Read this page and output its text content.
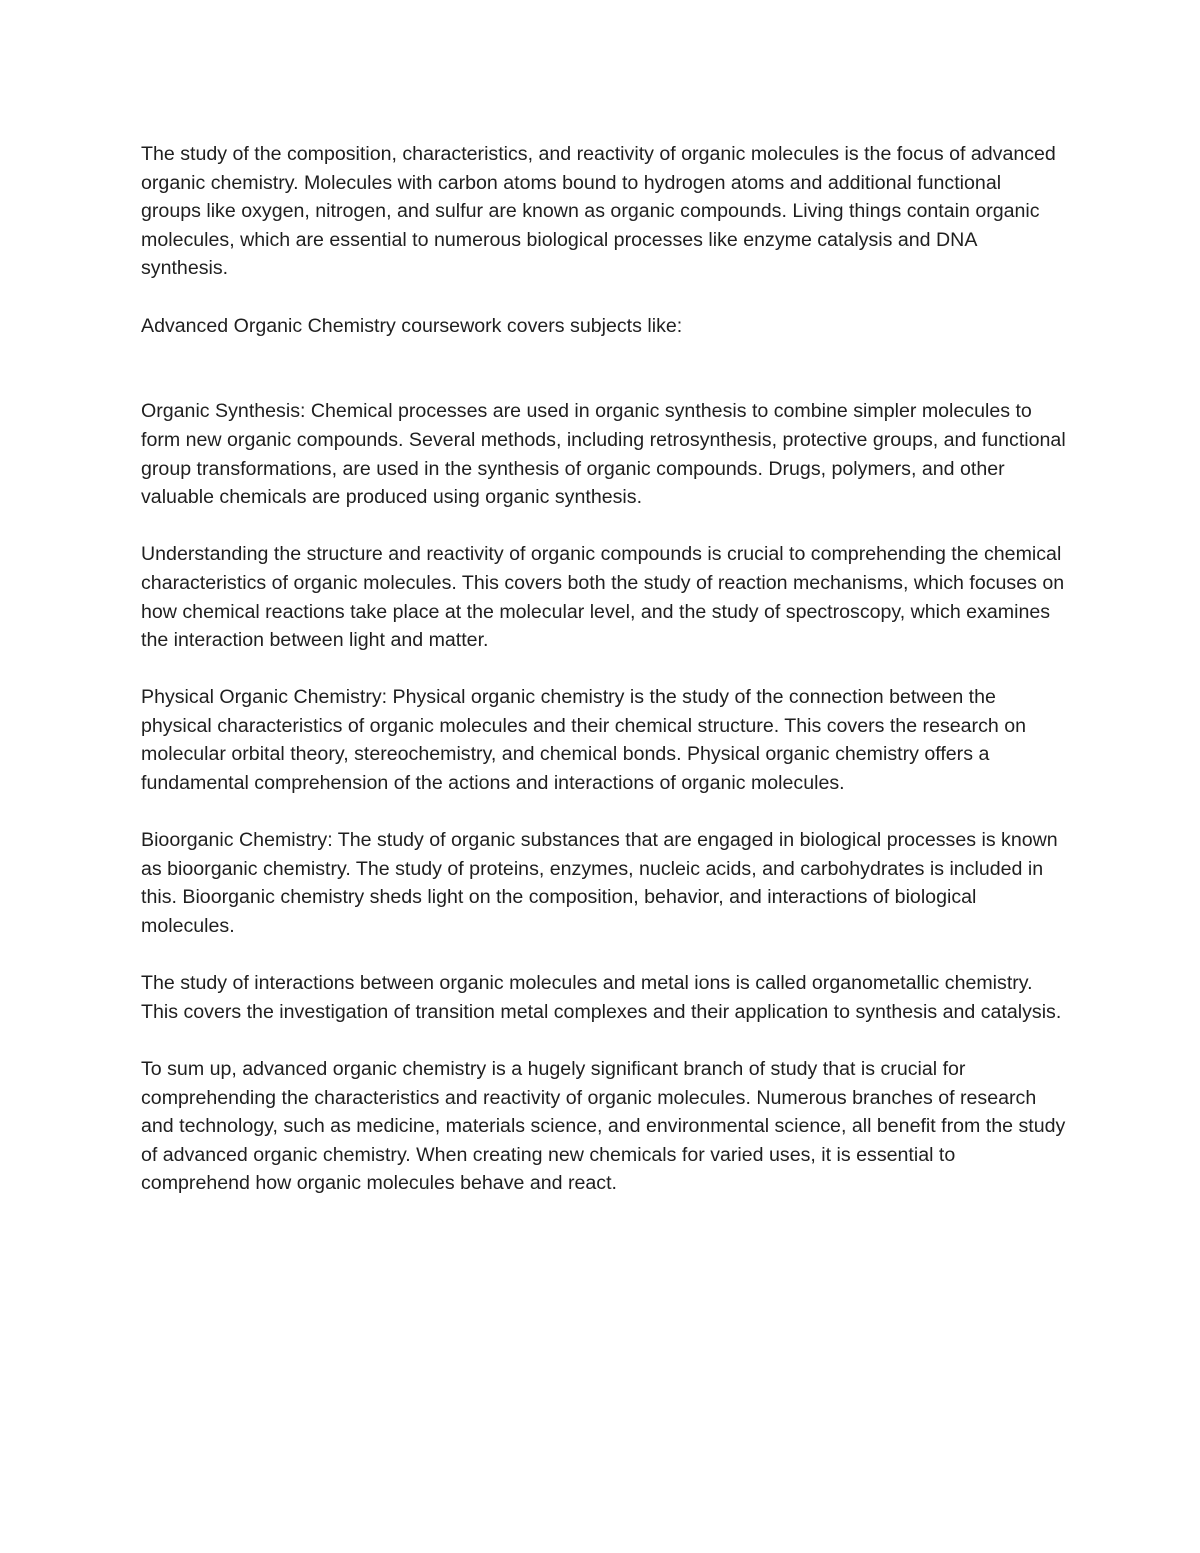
The study of the composition, characteristics, and reactivity of organic molecules is the focus of advanced organic chemistry. Molecules with carbon atoms bound to hydrogen atoms and additional functional groups like oxygen, nitrogen, and sulfur are known as organic compounds. Living things contain organic molecules, which are essential to numerous biological processes like enzyme catalysis and DNA synthesis.

Advanced Organic Chemistry coursework covers subjects like:

Organic Synthesis: Chemical processes are used in organic synthesis to combine simpler molecules to form new organic compounds. Several methods, including retrosynthesis, protective groups, and functional group transformations, are used in the synthesis of organic compounds. Drugs, polymers, and other valuable chemicals are produced using organic synthesis.

Understanding the structure and reactivity of organic compounds is crucial to comprehending the chemical characteristics of organic molecules. This covers both the study of reaction mechanisms, which focuses on how chemical reactions take place at the molecular level, and the study of spectroscopy, which examines the interaction between light and matter.

Physical Organic Chemistry: Physical organic chemistry is the study of the connection between the physical characteristics of organic molecules and their chemical structure. This covers the research on molecular orbital theory, stereochemistry, and chemical bonds. Physical organic chemistry offers a fundamental comprehension of the actions and interactions of organic molecules.

Bioorganic Chemistry: The study of organic substances that are engaged in biological processes is known as bioorganic chemistry. The study of proteins, enzymes, nucleic acids, and carbohydrates is included in this. Bioorganic chemistry sheds light on the composition, behavior, and interactions of biological molecules.

The study of interactions between organic molecules and metal ions is called organometallic chemistry. This covers the investigation of transition metal complexes and their application to synthesis and catalysis.

To sum up, advanced organic chemistry is a hugely significant branch of study that is crucial for comprehending the characteristics and reactivity of organic molecules. Numerous branches of research and technology, such as medicine, materials science, and environmental science, all benefit from the study of advanced organic chemistry. When creating new chemicals for varied uses, it is essential to comprehend how organic molecules behave and react.
